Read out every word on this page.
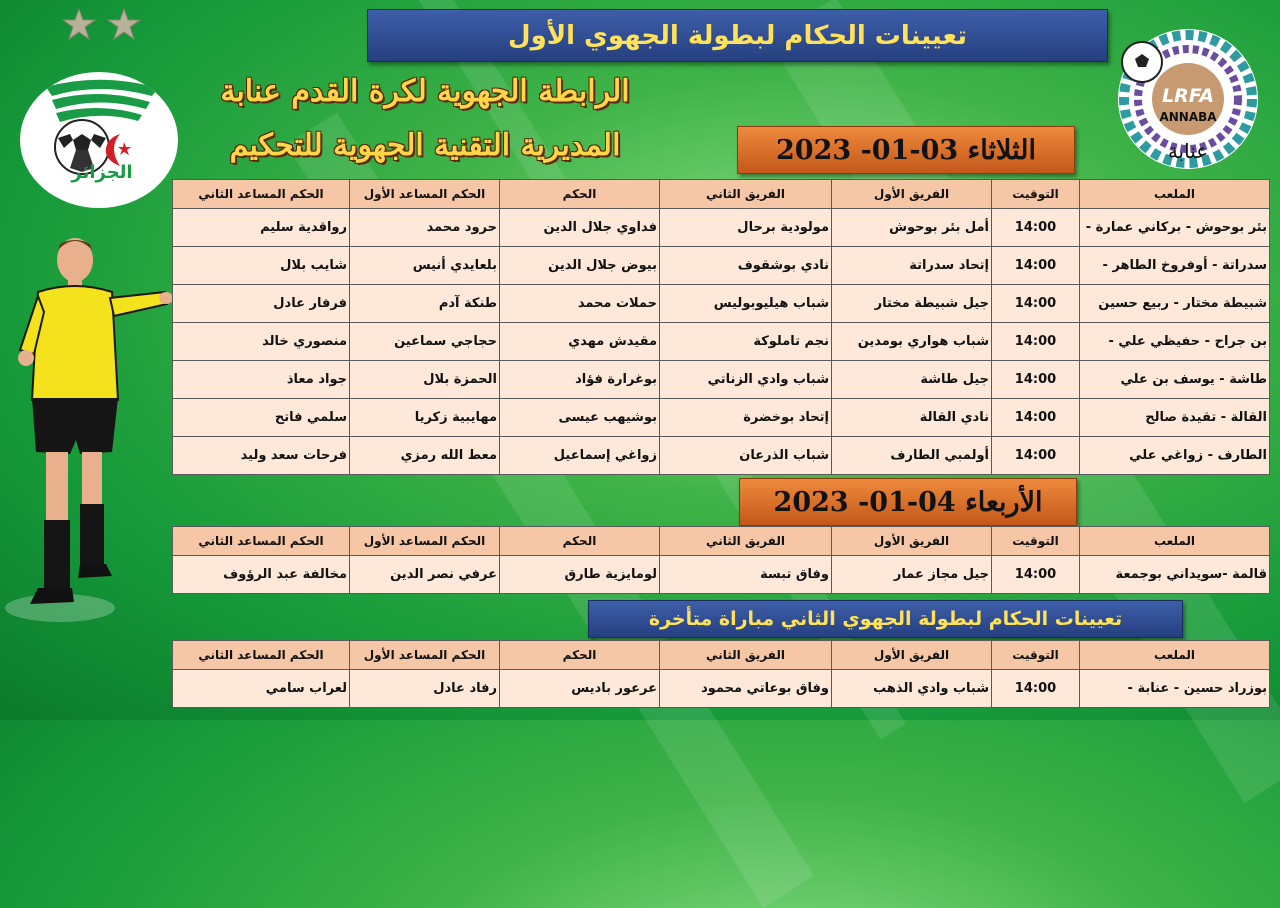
تعيينات الحكام لبطولة الجهوي الأول
الجزائر
LRFA
ANNABA
عنابة
الرابطة الجهوية لكرة القدم عنابة
المديرية التقنية الجهوية للتحكيم	الثلاثاء 03-01- 2023
الملعب	التوقيت	الفريق الأول	الفريق الثاني	الحكم	الحكم المساعد الأول	الحكم المساعد الثاني
بئر بوحوش - بركاني عمارة -	14:00	أمل بئر بوحوش	مولودية برحال	فداوي جلال الدين	حرود محمد	رواقدية سليم
سدراتة - أوفروخ الطاهر -	14:00	إتحاد سدراتة	نادي بوشقوف	بيوض جلال الدين	بلعايدي أنيس	شايب بلال
شبيطة مختار - ربيع حسين	14:00	جيل شبيطة مختار	شباب هيليوبوليس	حملات محمد	طنكة آدم	فرفار عادل
بن جراح - حفيظي علي -	14:00	شباب هواري بومدين	نجم تاملوكة	مقيدش مهدي	حجاجي سماعين	منصوري خالد
طاشة - يوسف بن علي	14:00	جيل طاشة	شباب وادي الزناتي	بوغرارة فؤاد	الحمزة بلال	جواد معاذ
القالة - تقيدة صالح	14:00	نادي القالة	إتحاد بوخضرة	بوشيهب عيسى	مهايبية زكريا	سلمي فاتح
الطارف - زواغي علي	14:00	أولمبي الطارف	شباب الذرعان	زواغي إسماعيل	معط الله رمزي	فرحات سعد وليد
الأربعاء 04-01- 2023
الملعب	التوقيت	الفريق الأول	الفريق الثاني	الحكم	الحكم المساعد الأول	الحكم المساعد الثاني
قالمة -سويداني بوجمعة	14:00	جيل مجاز عمار	وفاق تبسة	لومايزية طارق	عرفي نصر الدين	مخالفة عبد الرؤوف
تعيينات الحكام لبطولة الجهوي الثاني مباراة متأخرة
الملعب	التوقيت	الفريق الأول	الفريق الثاني	الحكم	الحكم المساعد الأول	الحكم المساعد الثاني
بوزراد حسين - عنابة -	14:00	شباب وادي الذهب	وفاق بوعاتي محمود	عرعور باديس	رفاد عادل	لعراب سامي
